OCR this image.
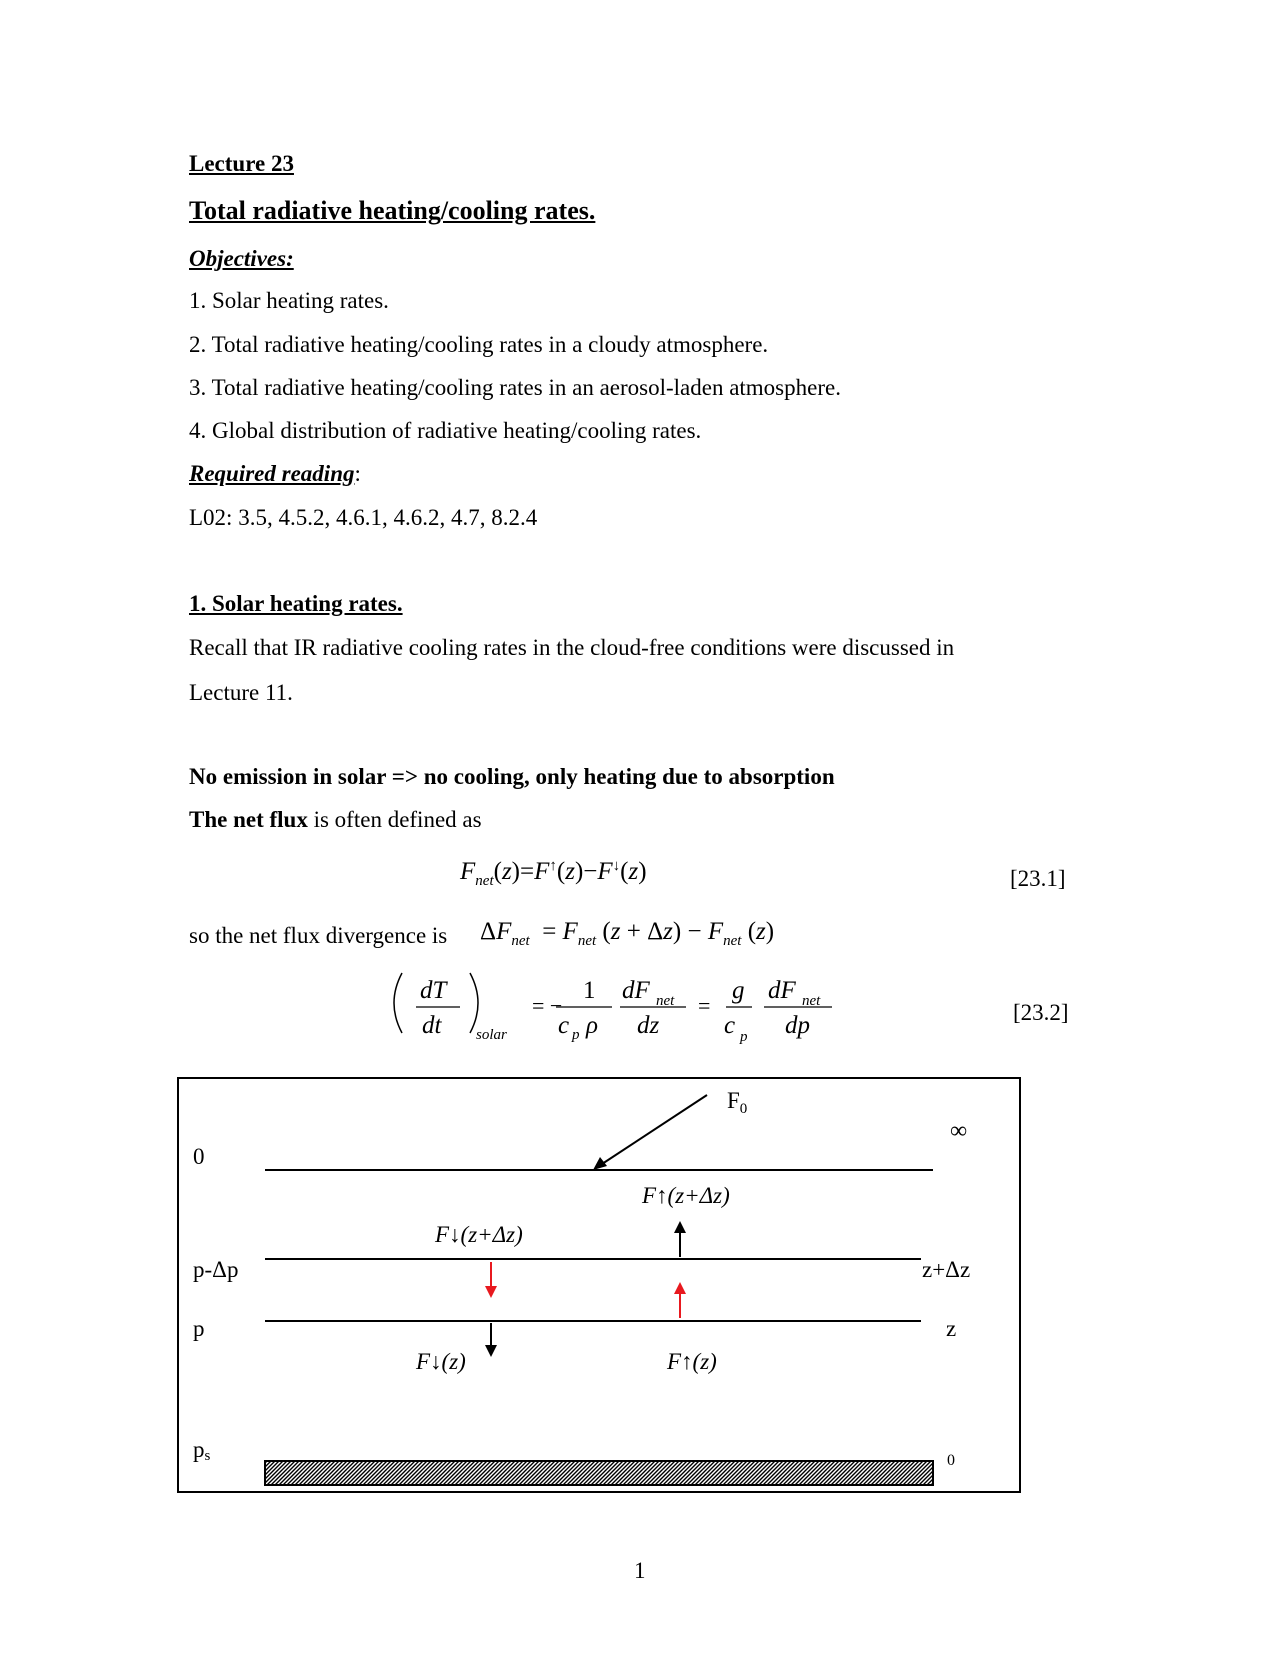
Lecture 23
Total radiative heating/cooling rates.
Objectives:
1. Solar heating rates.
2. Total radiative heating/cooling rates in a cloudy atmosphere.
3. Total radiative heating/cooling rates in an aerosol-laden atmosphere.
4. Global distribution of radiative heating/cooling rates.
Required reading:
L02: 3.5, 4.5.2, 4.6.1, 4.6.2, 4.7, 8.2.4
1. Solar heating rates.
Recall that IR radiative cooling rates in the cloud-free conditions were discussed in
Lecture 11.
No emission in solar => no cooling, only heating due to absorption
The net flux is often defined as
$F_{net}(z)=F^↑(z)-F^↓(z)$	[23.1]
so the net flux divergence is $\Delta F_{net} = F_{net}$ $(z + \Delta z) - F_{net}$ (z)
dT
dt solar
= −
1
c p ρ
dF net
dz
=
g
c p
dF net
dp	[23.2]
$F_0$
∞
0
p-Δp
p
ps
z+Δz
z
0
F↑(z+Δz)
F↓(z+Δz)
F↓(z)	F↑(z)
1
